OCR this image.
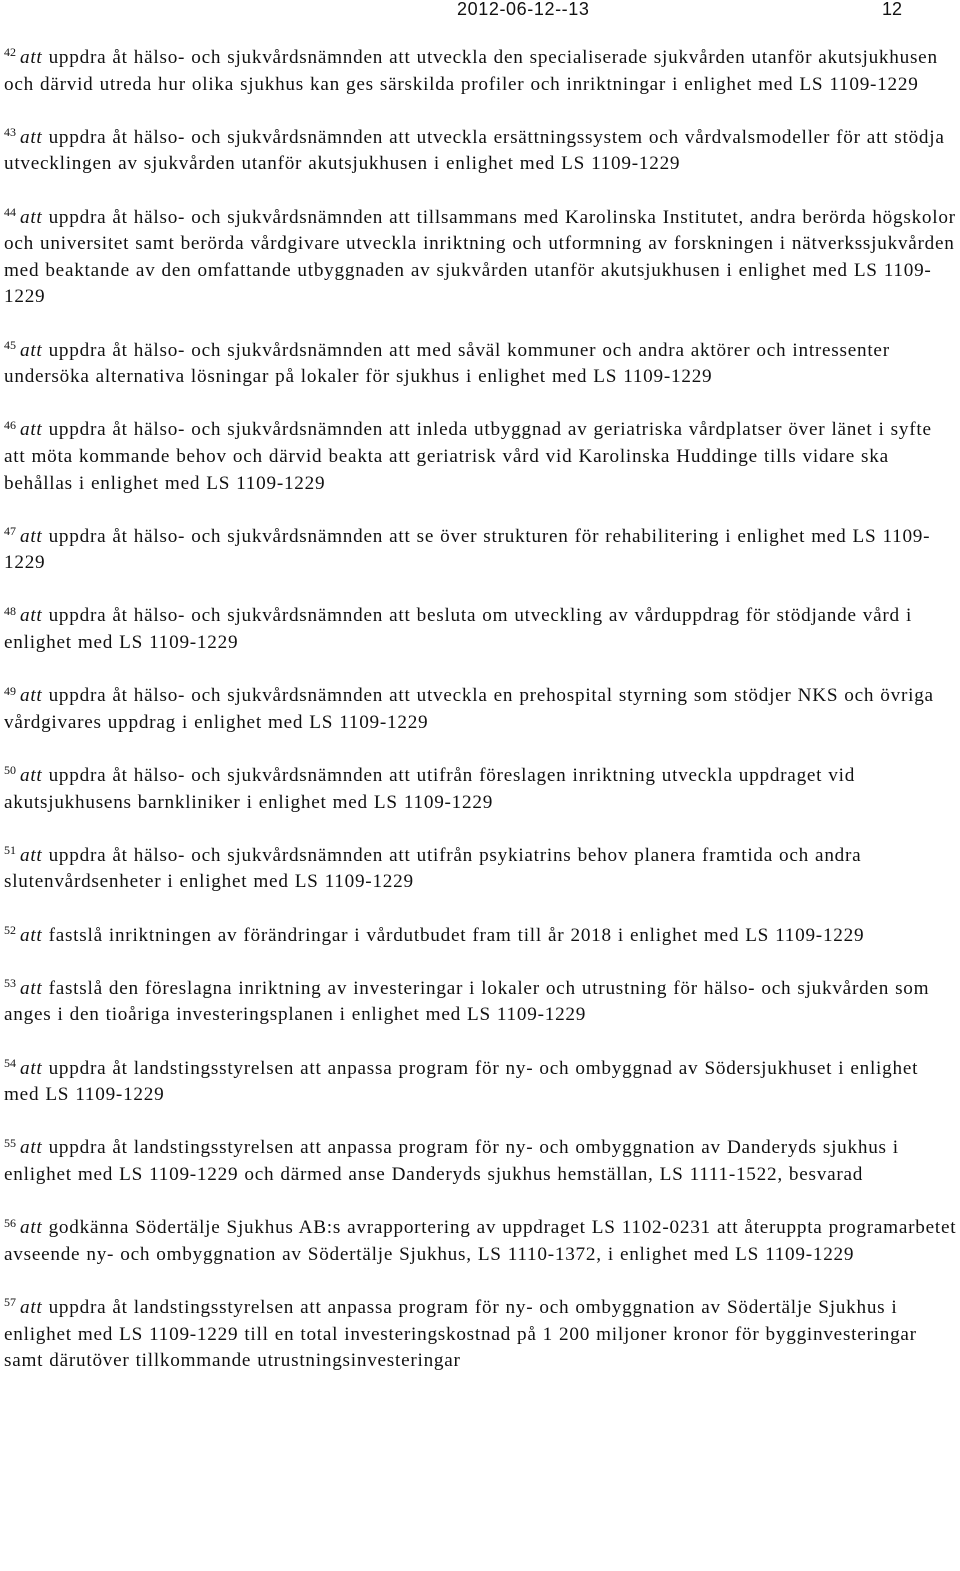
2012-06-12--13	12

$^{42}$ att uppdra åt hälso- och sjukvårdsnämnden att utveckla den specialiserade sjukvården utanför akutsjukhusen och därvid utreda hur olika sjukhus kan ges särskilda profiler och inriktningar i enlighet med LS 1109-1229

$^{43}$ att uppdra åt hälso- och sjukvårdsnämnden att utveckla ersättningssystem och vårdvalsmodeller för att stödja utvecklingen av sjukvården utanför akutsjukhusen i enlighet med LS 1109-1229

$^{44}$ att uppdra åt hälso- och sjukvårdsnämnden att tillsammans med Karolinska Institutet, andra berörda högskolor och universitet samt berörda vårdgivare utveckla inriktning och utformning av forskningen i nätverkssjukvården med beaktande av den omfattande utbyggnaden av sjukvården utanför akutsjukhusen i enlighet med LS 1109-1229

$^{45}$ att uppdra åt hälso- och sjukvårdsnämnden att med såväl kommuner och andra aktörer och intressenter undersöka alternativa lösningar på lokaler för sjukhus i enlighet med LS 1109-1229

$^{46}$ att uppdra åt hälso- och sjukvårdsnämnden att inleda utbyggnad av geriatriska vårdplatser över länet i syfte att möta kommande behov och därvid beakta att geriatrisk vård vid Karolinska Huddinge tills vidare ska behållas i enlighet med LS 1109-1229

$^{47}$ att uppdra åt hälso- och sjukvårdsnämnden att se över strukturen för rehabilitering i enlighet med LS 1109-1229

$^{48}$ att uppdra åt hälso- och sjukvårdsnämnden att besluta om utveckling av vårduppdrag för stödjande vård i enlighet med LS 1109-1229

$^{49}$ att uppdra åt hälso- och sjukvårdsnämnden att utveckla en prehospital styrning som stödjer NKS och övriga vårdgivares uppdrag i enlighet med LS 1109-1229

$^{50}$ att uppdra åt hälso- och sjukvårdsnämnden att utifrån föreslagen inriktning utveckla uppdraget vid akutsjukhusens barnkliniker i enlighet med LS 1109-1229

$^{51}$ att uppdra åt hälso- och sjukvårdsnämnden att utifrån psykiatrins behov planera framtida och andra slutenvårdsenheter i enlighet med LS 1109-1229

$^{52}$ att fastslå inriktningen av förändringar i vårdutbudet fram till år 2018 i enlighet med LS 1109-1229

$^{53}$ att fastslå den föreslagna inriktning av investeringar i lokaler och utrustning för hälso- och sjukvården som anges i den tioåriga investeringsplanen i enlighet med LS 1109-1229

$^{54}$ att uppdra åt landstingsstyrelsen att anpassa program för ny- och ombyggnad av Södersjukhuset i enlighet med LS 1109-1229

$^{55}$ att uppdra åt landstingsstyrelsen att anpassa program för ny- och ombyggnation av Danderyds sjukhus i enlighet med LS 1109-1229 och därmed anse Danderyds sjukhus hemställan, LS 1111-1522, besvarad

$^{56}$ att godkänna Södertälje Sjukhus AB:s avrapportering av uppdraget LS 1102-0231 att återuppta programarbetet avseende ny- och ombyggnation av Södertälje Sjukhus, LS 1110-1372, i enlighet med LS 1109-1229

$^{57}$ att uppdra åt landstingsstyrelsen att anpassa program för ny- och ombyggnation av Södertälje Sjukhus i enlighet med LS 1109-1229 till en total investeringskostnad på 1 200 miljoner kronor för bygginvesteringar samt därutöver tillkommande utrustningsinvesteringar
